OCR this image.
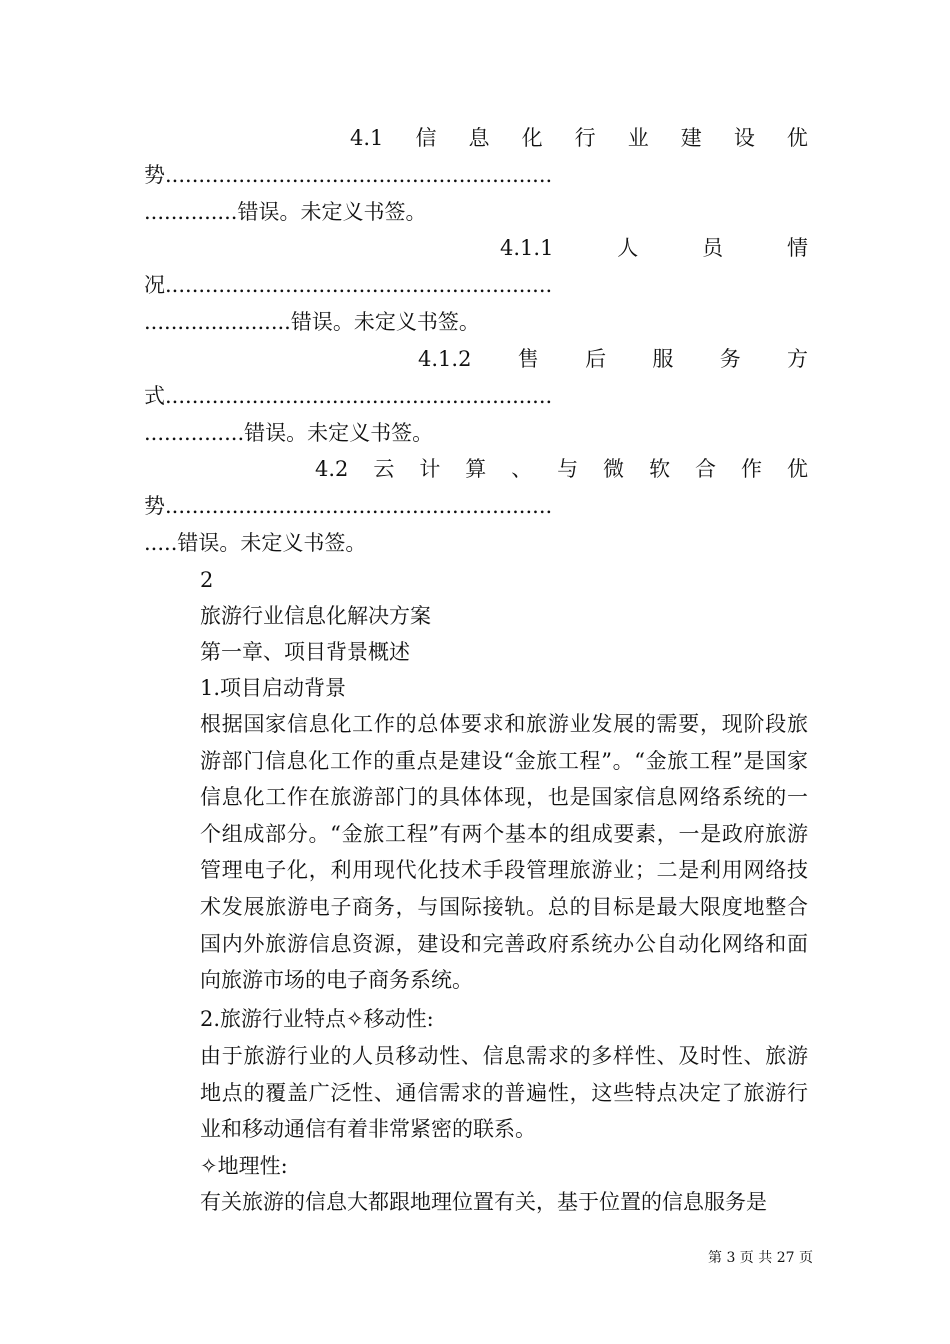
4.1 信 息 化 行 业 建 设 优
势..........................................................
..............错误。未定义书签。
4.1.1	人	员	情
况..........................................................
......................错误。未定义书签。
4.1.2 售 后 服 务 方
式..........................................................
...............错误。未定义书签。
4.2 云 计 算 、 与 微 软 合 作 优
势..........................................................
.....错误。未定义书签。
2
旅游行业信息化解决方案
第一章、项目背景概述
1.项目启动背景
根据国家信息化工作的总体要求和旅游业发展的需要，现阶段旅游部门信息化工作的重点是建设“金旅工程”。“金旅工程”是国家信息化工作在旅游部门的具体体现，也是国家信息网络系统的一个组成部分。“金旅工程”有两个基本的组成要素，一是政府旅游管理电子化，利用现代化技术手段管理旅游业；二是利用网络技术发展旅游电子商务，与国际接轨。总的目标是最大限度地整合国内外旅游信息资源，建设和完善政府系统办公自动化网络和面向旅游市场的电子商务系统。
2.旅游行业特点✧移动性:
由于旅游行业的人员移动性、信息需求的多样性、及时性、旅游地点的覆盖广泛性、通信需求的普遍性，这些特点决定了旅游行业和移动通信有着非常紧密的联系。
✧地理性:
有关旅游的信息大都跟地理位置有关，基于位置的信息服务是
第 3 页 共 27 页
